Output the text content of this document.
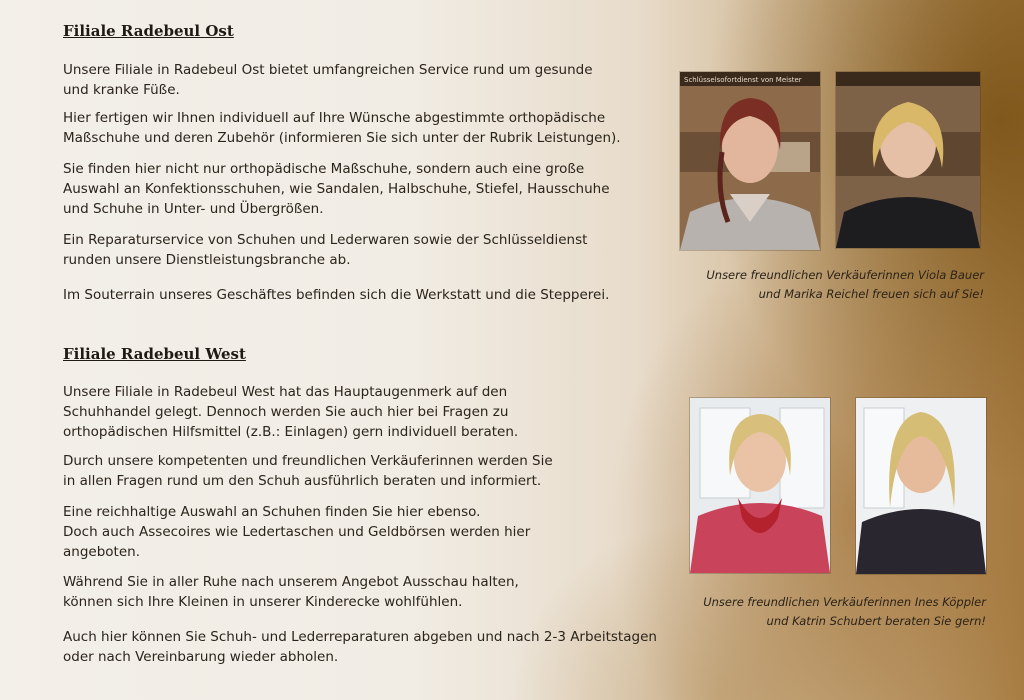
Filiale Radebeul Ost

Unsere Filiale in Radebeul Ost bietet umfangreichen Service rund um gesunde
und kranke Füße.

Hier fertigen wir Ihnen individuell auf Ihre Wünsche abgestimmte orthopädische
Maßschuhe und deren Zubehör (informieren Sie sich unter der Rubrik Leistungen).

Sie finden hier nicht nur orthopädische Maßschuhe, sondern auch eine große
Auswahl an Konfektionsschuhen, wie Sandalen, Halbschuhe, Stiefel, Hausschuhe
und Schuhe in Unter- und Übergrößen.

Ein Reparaturservice von Schuhen und Lederwaren sowie der Schlüsseldienst
runden unsere Dienstleistungsbranche ab.

Im Souterrain unseres Geschäftes befinden sich die Werkstatt und die Stepperei.

Schlüsselsofortdienst von Meister

Unsere freundlichen Verkäuferinnen Viola Bauer
und Marika Reichel freuen sich auf Sie!

Filiale Radebeul West

Unsere Filiale in Radebeul West hat das Hauptaugenmerk auf den
Schuhhandel gelegt. Dennoch werden Sie auch hier bei Fragen zu
orthopädischen Hilfsmittel (z.B.: Einlagen) gern individuell beraten.

Durch unsere kompetenten und freundlichen Verkäuferinnen werden Sie
in allen Fragen rund um den Schuh ausführlich beraten und informiert.

Eine reichhaltige Auswahl an Schuhen finden Sie hier ebenso.
Doch auch Assecoires wie Ledertaschen und Geldbörsen werden hier
angeboten.

Während Sie in aller Ruhe nach unserem Angebot Ausschau halten,
können sich Ihre Kleinen in unserer Kinderecke wohlfühlen.

Auch hier können Sie Schuh- und Lederreparaturen abgeben und nach 2-3 Arbeitstagen
oder nach Vereinbarung wieder abholen.

Unsere freundlichen Verkäuferinnen Ines Köppler
und Katrin Schubert beraten Sie gern!
